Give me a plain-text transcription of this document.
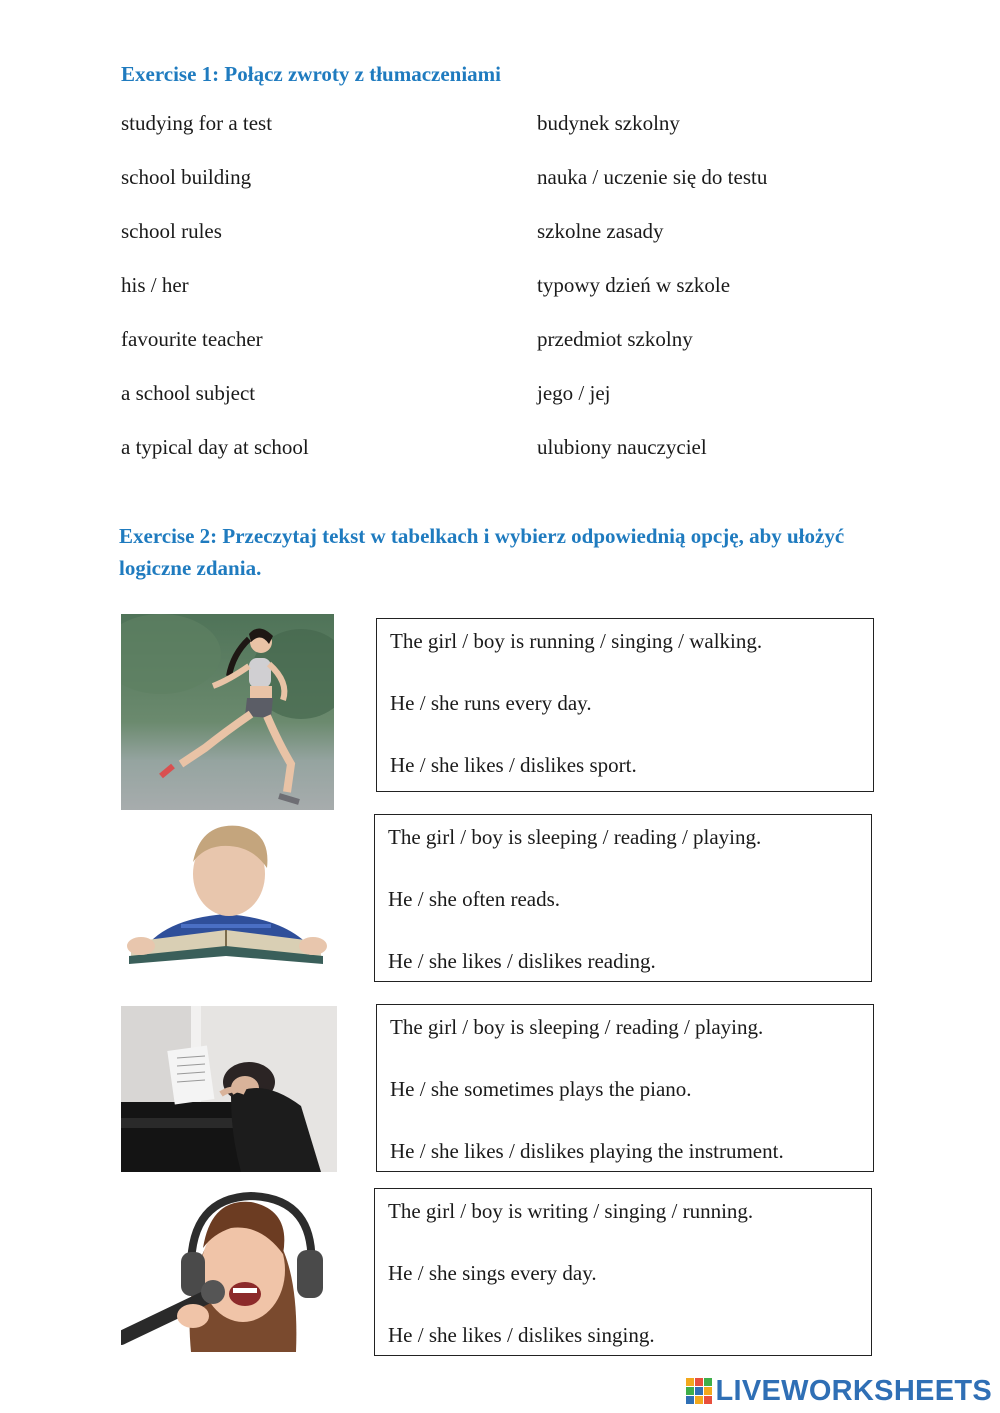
Exercise 1: Połącz zwroty z tłumaczeniami
studying for a test
school building
school rules
his / her
favourite teacher
a school subject
a typical day at school
budynek szkolny
nauka / uczenie się do testu
szkolne zasady
typowy dzień w szkole
przedmiot szkolny
jego / jej
ulubiony nauczyciel
Exercise 2: Przeczytaj tekst w tabelkach i wybierz odpowiednią opcję, aby ułożyć logiczne zdania.
The girl / boy is running / singing / walking.
He / she runs every day.
He / she likes / dislikes sport.
The girl / boy is sleeping / reading / playing.
He / she often reads.
He / she likes / dislikes reading.
The girl / boy is sleeping / reading / playing.
He / she sometimes plays the piano.
He / she likes / dislikes playing the instrument.
The girl / boy is writing / singing / running.
He / she sings every day.
He / she likes / dislikes singing.
LIVEWORKSHEETS
